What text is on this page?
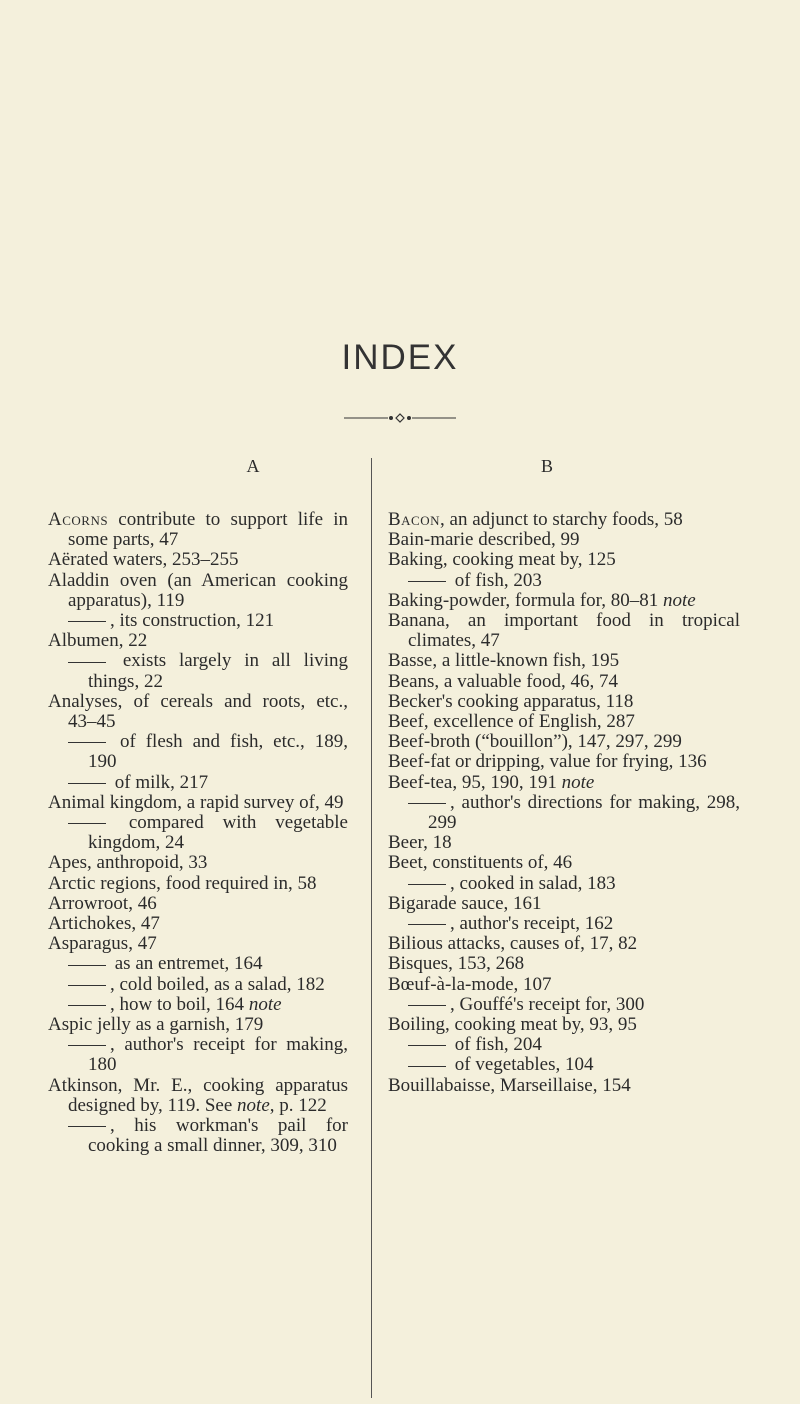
INDEX
A	B
Acorns contribute to support life in some parts, 47
Aërated waters, 253–255
Aladdin oven (an American cooking apparatus), 119
, its construction, 121
Albumen, 22
exists largely in all living things, 22
Analyses, of cereals and roots, etc., 43–45
of flesh and fish, etc., 189, 190
of milk, 217
Animal kingdom, a rapid survey of, 49
compared with vegetable kingdom, 24
Apes, anthropoid, 33
Arctic regions, food required in, 58
Arrowroot, 46
Artichokes, 47
Asparagus, 47
as an entremet, 164
, cold boiled, as a salad, 182
, how to boil, 164 note
Aspic jelly as a garnish, 179
, author's receipt for making, 180
Atkinson, Mr. E., cooking apparatus designed by, 119. See note, p. 122
, his workman's pail for cooking a small dinner, 309, 310
Bacon, an adjunct to starchy foods, 58
Bain-marie described, 99
Baking, cooking meat by, 125
of fish, 203
Baking-powder, formula for, 80–81 note
Banana, an important food in tropical climates, 47
Basse, a little-known fish, 195
Beans, a valuable food, 46, 74
Becker's cooking apparatus, 118
Beef, excellence of English, 287
Beef-broth (“bouillon”), 147, 297, 299
Beef-fat or dripping, value for frying, 136
Beef-tea, 95, 190, 191 note
, author's directions for making, 298, 299
Beer, 18
Beet, constituents of, 46
, cooked in salad, 183
Bigarade sauce, 161
, author's receipt, 162
Bilious attacks, causes of, 17, 82
Bisques, 153, 268
Bœuf-à-la-mode, 107
, Gouffé's receipt for, 300
Boiling, cooking meat by, 93, 95
of fish, 204
of vegetables, 104
Bouillabaisse, Marseillaise, 154
